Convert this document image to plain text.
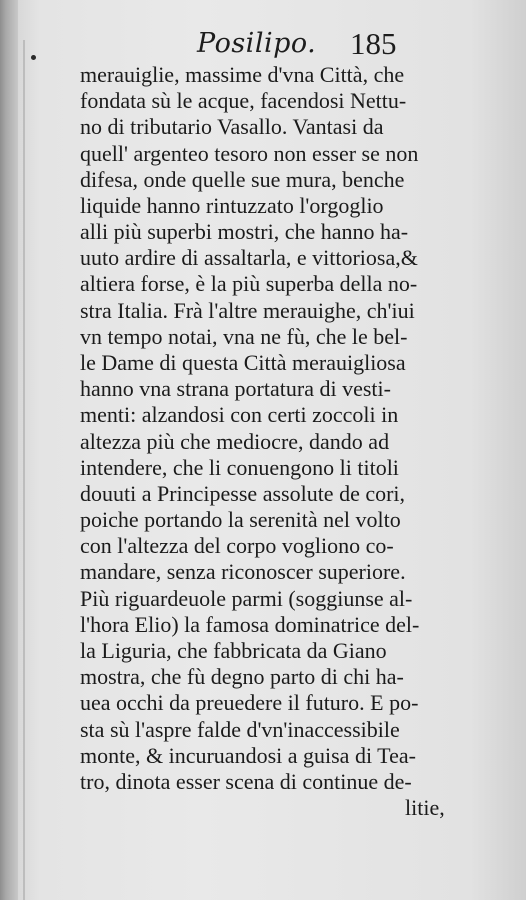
Posilipo. 185
merauiglie, massime d'vna Città, che
fondata sù le acque, facendosi Nettu-
no di tributario Vasallo. Vantasi da
quell' argenteo tesoro non esser se non
difesa, onde quelle sue mura, benche
liquide hanno rintuzzato l'orgoglio
alli più superbi mostri, che hanno ha-
uuto ardire di assaltarla, e vittoriosa,&
altiera forse, è la più superba della no-
stra Italia. Frà l'altre merauighe, ch'iui
vn tempo notai, vna ne fù, che le bel-
le Dame di questa Città merauigliosa
hanno vna strana portatura di vesti-
menti: alzandosi con certi zoccoli in
altezza più che mediocre, dando ad
intendere, che li conuengono li titoli
douuti a Principesse assolute de cori,
poiche portando la serenità nel volto
con l'altezza del corpo vogliono co-
mandare, senza riconoscer superiore.
Più riguardeuole parmi (soggiunse al-
l'hora Elio) la famosa dominatrice del-
la Liguria, che fabbricata da Giano
mostra, che fù degno parto di chi ha-
uea occhi da preuedere il futuro. E po-
sta sù l'aspre falde d'vn'inaccessibile
monte, & incuruandosi a guisa di Tea-
tro, dinota esser scena di continue de-
litie,
